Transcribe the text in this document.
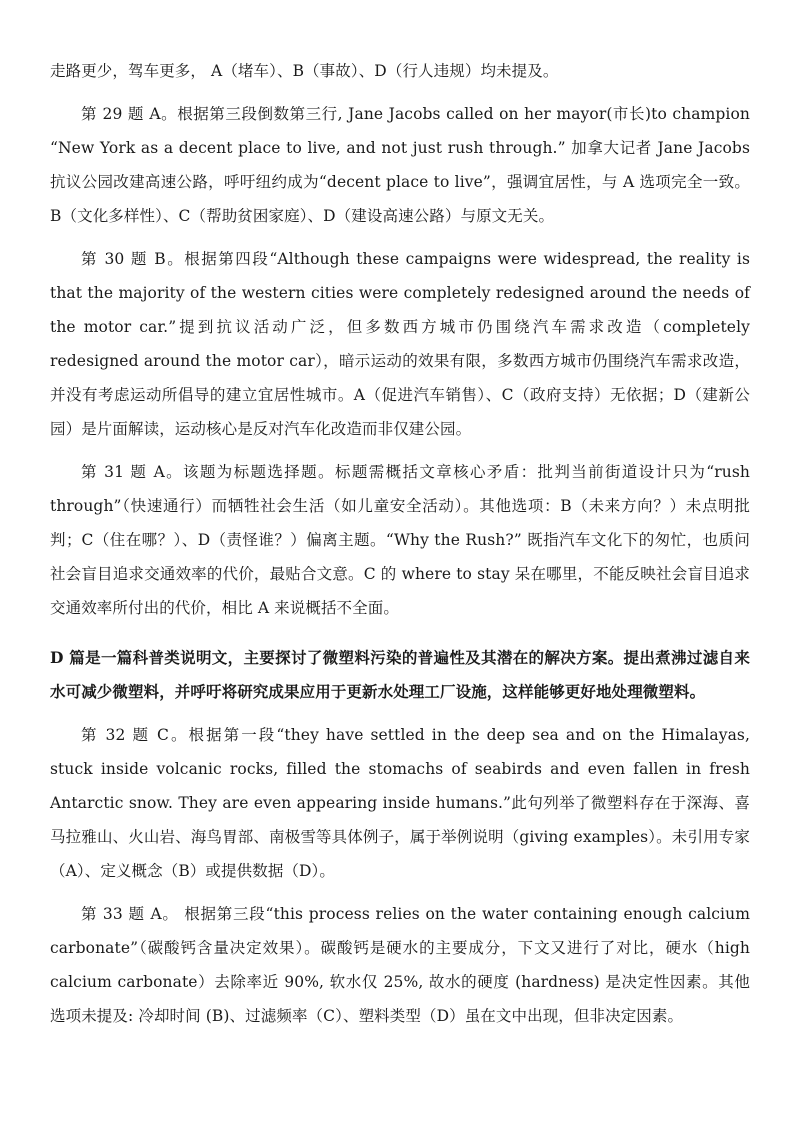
走路更少，驾车更多， A（堵车）、B（事故）、D（行人违规）均未提及。

第 29 题 A。根据第三段倒数第三行, Jane Jacobs called on her mayor(市长)to champion “New York as a decent place to live, and not just rush through.” 加拿大记者 Jane Jacobs 抗议公园改建高速公路，呼吁纽约成为“decent place to live”，强调宜居性，与 A 选项完全一致。 B（文化多样性）、C（帮助贫困家庭）、D（建设高速公路）与原文无关。

第 30 题 B。根据第四段“Although these campaigns were widespread, the reality is that the majority of the western cities were completely redesigned around the needs of the motor car.”提到抗议活动广泛，但多数西方城市仍围绕汽车需求改造（completely redesigned around the motor car），暗示运动的效果有限，多数西方城市仍围绕汽车需求改造，并没有考虑运动所倡导的建立宜居性城市。A（促进汽车销售）、C（政府支持）无依据；D（建新公园）是片面解读，运动核心是反对汽车化改造而非仅建公园。

第 31 题 A。该题为标题选择题。标题需概括文章核心矛盾：批判当前街道设计只为“rush through”（快速通行）而牺牲社会生活（如儿童安全活动）。其他选项：B（未来方向？）未点明批判；C（住在哪？）、D（责怪谁？）偏离主题。“Why the Rush?” 既指汽车文化下的匆忙，也质问社会盲目追求交通效率的代价，最贴合文意。C 的 where to stay 呆在哪里，不能反映社会盲目追求交通效率所付出的代价，相比 A 来说概括不全面。

D 篇是一篇科普类说明文，主要探讨了微塑料污染的普遍性及其潜在的解决方案。提出煮沸过滤自来水可减少微塑料，并呼吁将研究成果应用于更新水处理工厂设施，这样能够更好地处理微塑料。

第 32 题 C。根据第一段“they have settled in the deep sea and on the Himalayas, stuck inside volcanic rocks, filled the stomachs of seabirds and even fallen in fresh Antarctic snow. They are even appearing inside humans.”此句列举了微塑料存在于深海、喜马拉雅山、火山岩、海鸟胃部、南极雪等具体例子，属于举例说明（giving examples）。未引用专家（A）、定义概念（B）或提供数据（D）。

第 33 题 A。 根据第三段“this process relies on the water containing enough calcium carbonate”（碳酸钙含量决定效果）。碳酸钙是硬水的主要成分，下文又进行了对比，硬水（high calcium carbonate）去除率近 90%, 软水仅 25%, 故水的硬度 (hardness) 是决定性因素。其他选项未提及: 冷却时间 (B)、过滤频率（C）、塑料类型（D）虽在文中出现，但非决定因素。
